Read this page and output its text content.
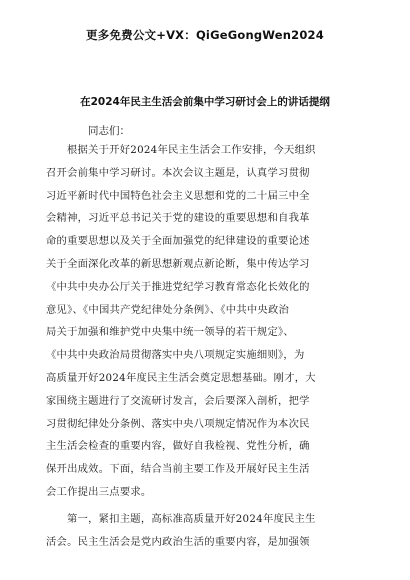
更多免费公文+VX：QiGeGongWen2024
在2024年民主生活会前集中学习研讨会上的讲话提纲
同志们：
根据关于开好2024年民主生活会工作安排，今天组织
召开会前集中学习研讨。本次会议主题是，认真学习贯彻
习近平新时代中国特色社会主义思想和党的二十届三中全
会精神，习近平总书记关于党的建设的重要思想和自我革
命的重要思想以及关于全面加强党的纪律建设的重要论述
关于全面深化改革的新思想新观点新论断，集中传达学习
《中共中央办公厅关于推进党纪学习教育常态化长效化的
意见》、《中国共产党纪律处分条例》、《中共中央政治
局关于加强和维护党中央集中统一领导的若干规定》、
《中共中央政治局贯彻落实中央八项规定实施细则》，为
高质量开好2024年度民主生活会奠定思想基础。刚才，大
家围绕主题进行了交流研讨发言，会后要深入剖析，把学
习贯彻纪律处分条例、落实中央八项规定情况作为本次民
主生活会检查的重要内容，做好自我检视、党性分析，确
保开出成效。下面，结合当前主要工作及开展好民主生活
会工作提出三点要求。
第一，紧扣主题，高标准高质量开好2024年度民主生
活会。民主生活会是党内政治生活的重要内容，是加强领
